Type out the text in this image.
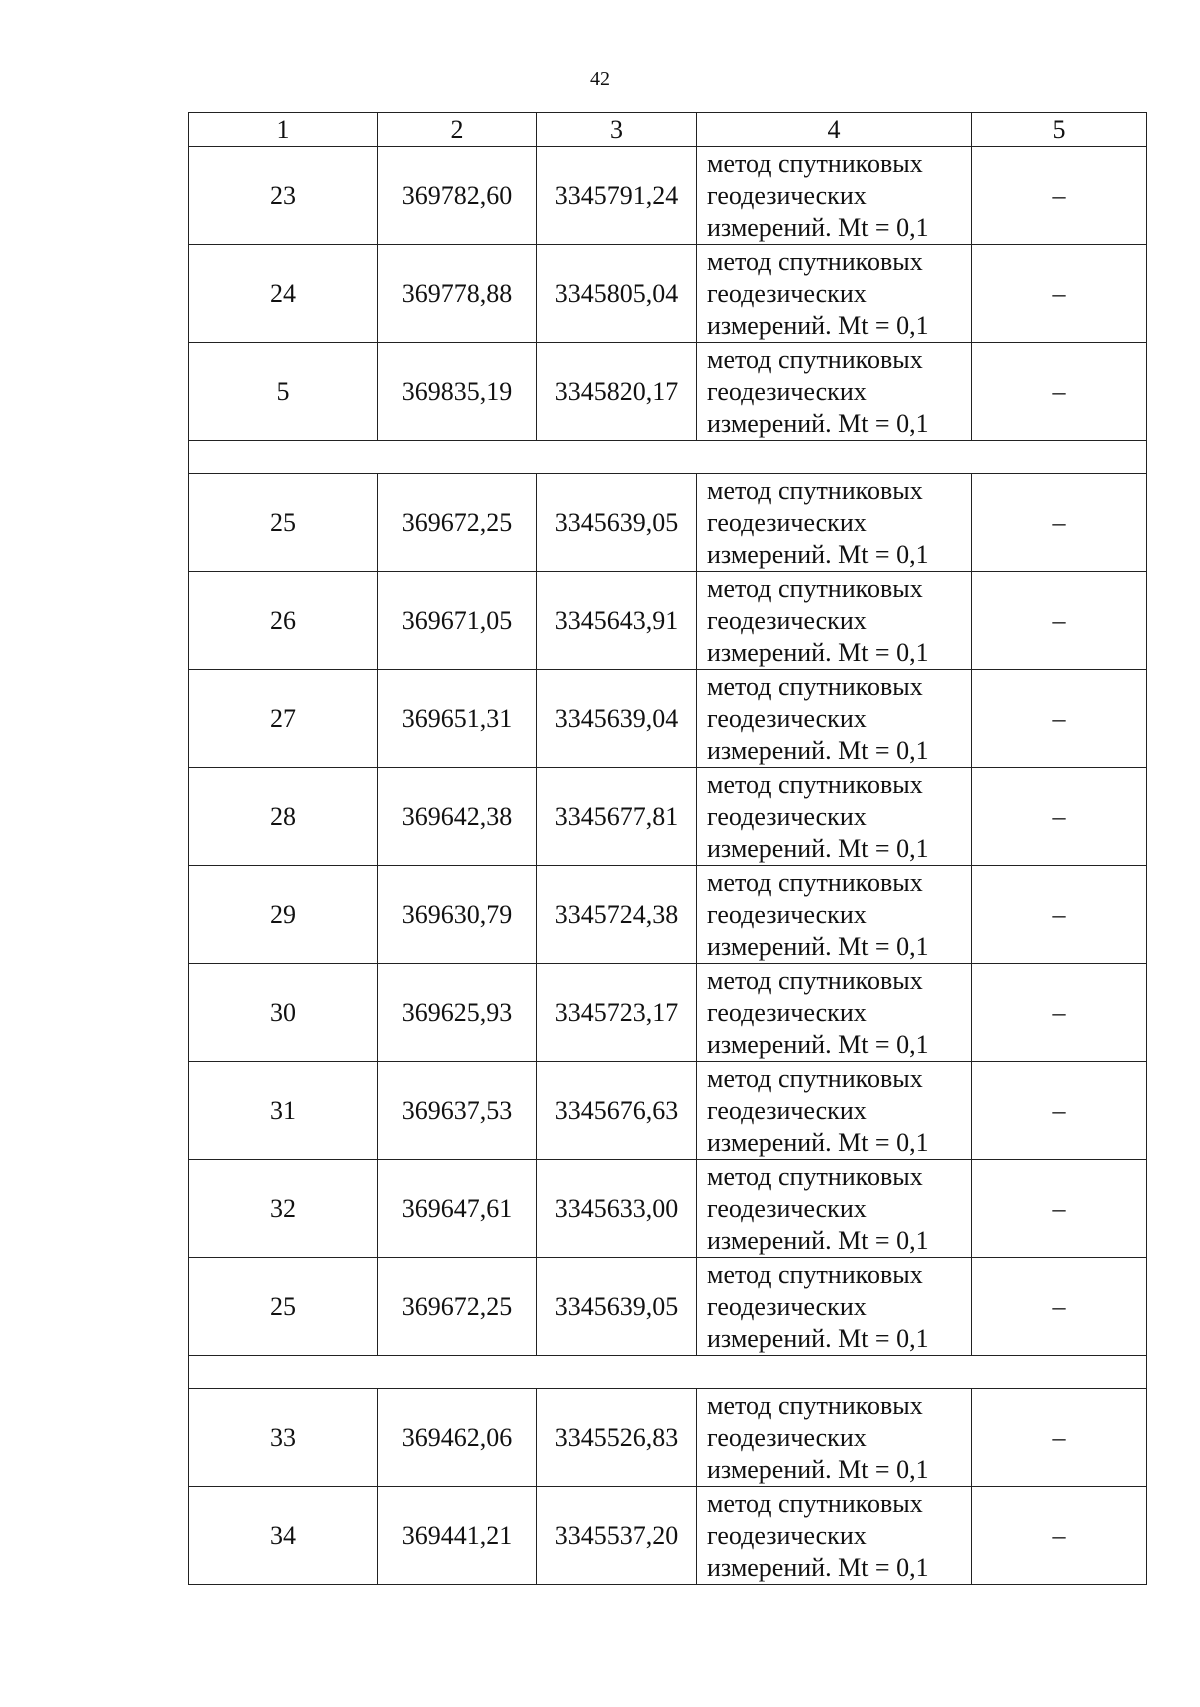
42
1	2	3	4	5
23	369782,60	3345791,24	метод спутниковых
геодезических
измерений. Mt = 0,1	–
24	369778,88	3345805,04	метод спутниковых
геодезических
измерений. Mt = 0,1	–
5	369835,19	3345820,17	метод спутниковых
геодезических
измерений. Mt = 0,1	–

25	369672,25	3345639,05	метод спутниковых
геодезических
измерений. Mt = 0,1	–
26	369671,05	3345643,91	метод спутниковых
геодезических
измерений. Mt = 0,1	–
27	369651,31	3345639,04	метод спутниковых
геодезических
измерений. Mt = 0,1	–
28	369642,38	3345677,81	метод спутниковых
геодезических
измерений. Mt = 0,1	–
29	369630,79	3345724,38	метод спутниковых
геодезических
измерений. Mt = 0,1	–
30	369625,93	3345723,17	метод спутниковых
геодезических
измерений. Mt = 0,1	–
31	369637,53	3345676,63	метод спутниковых
геодезических
измерений. Mt = 0,1	–
32	369647,61	3345633,00	метод спутниковых
геодезических
измерений. Mt = 0,1	–
25	369672,25	3345639,05	метод спутниковых
геодезических
измерений. Mt = 0,1	–

33	369462,06	3345526,83	метод спутниковых
геодезических
измерений. Mt = 0,1	–
34	369441,21	3345537,20	метод спутниковых
геодезических
измерений. Mt = 0,1	–
